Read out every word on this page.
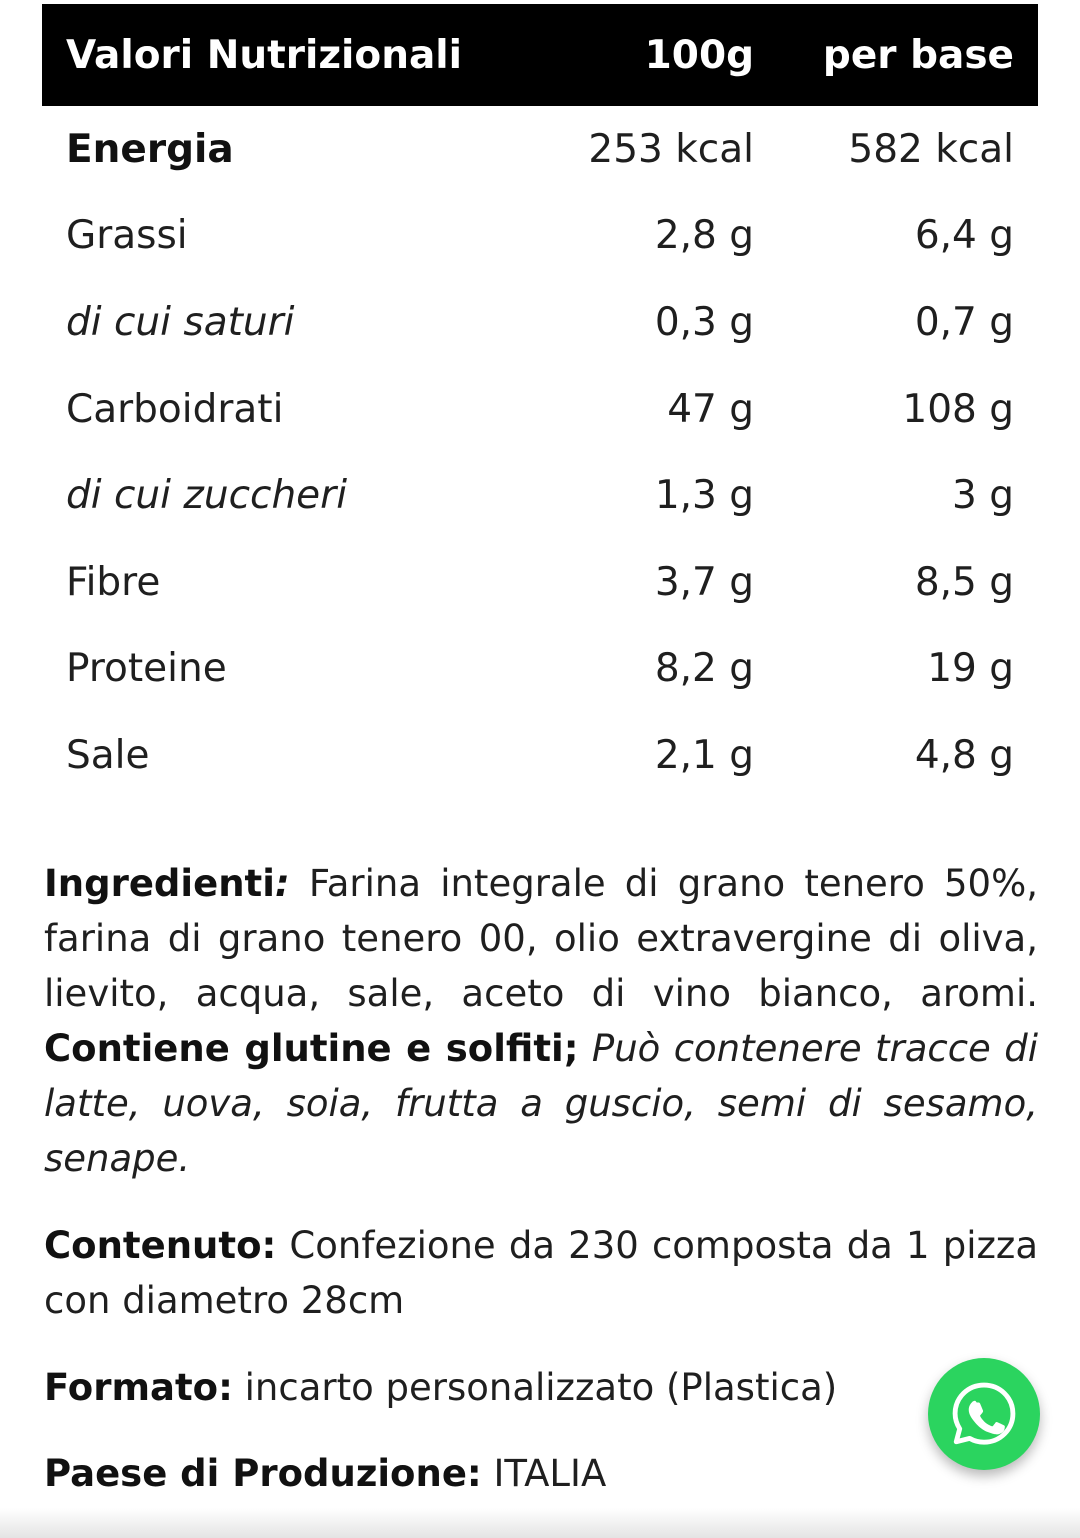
Valori Nutrizionali	100g	per base
Energia	253 kcal	582 kcal
Grassi	2,8 g	6,4 g
di cui saturi	0,3 g	0,7 g
Carboidrati	47 g	108 g
di cui zuccheri	1,3 g	3 g
Fibre	3,7 g	8,5 g
Proteine	8,2 g	19 g
Sale	2,1 g	4,8 g
Ingredienti: Farina integrale di grano tenero 50%, farina di grano tenero 00, olio extravergine di oliva, lievito, acqua, sale, aceto di vino bianco, aromi. Contiene glutine e solfiti; Può contenere tracce di latte, uova, soia, frutta a guscio, semi di sesamo, senape.
Contenuto: Confezione da 230 composta da 1 pizza con diametro 28cm
Formato: incarto personalizzato (Plastica)
Paese di Produzione: ITALIA
